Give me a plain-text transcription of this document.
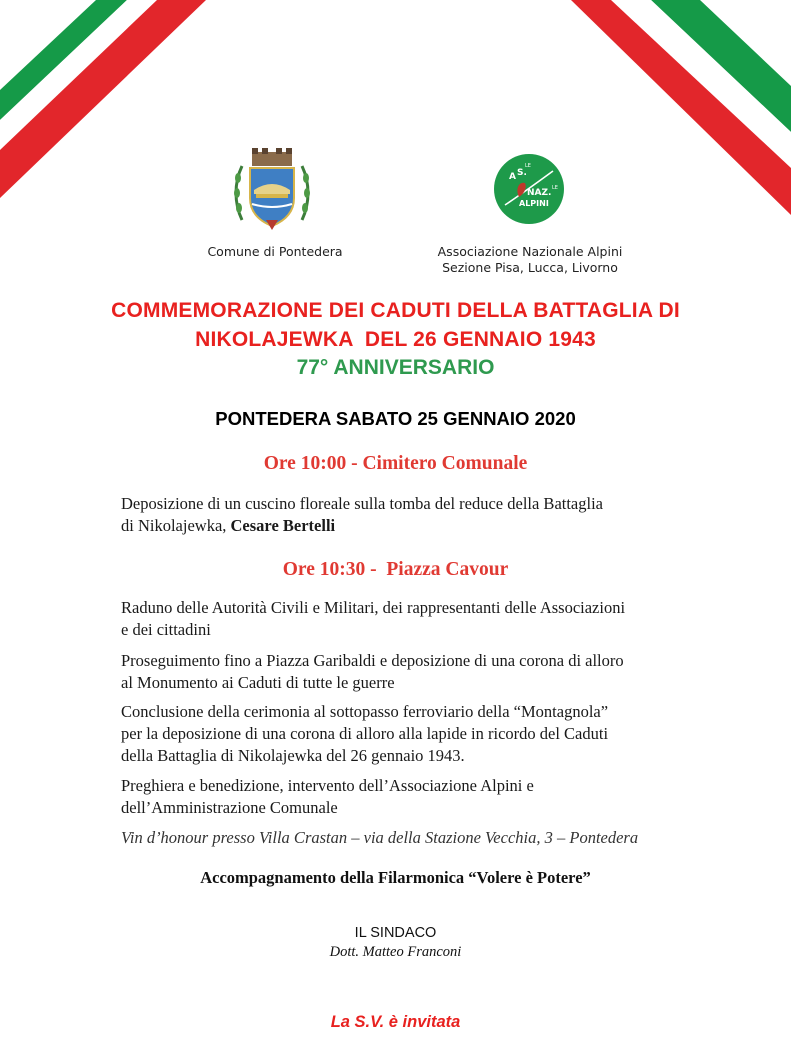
A S.
LE
NAZ. LE
ALPINI
Comune di Pontedera	Associazione Nazionale Alpini
Sezione Pisa, Lucca, Livorno
COMMEMORAZIONE DEI CADUTI DELLA BATTAGLIA DI
NIKOLAJEWKA  DEL 26 GENNAIO 1943
77° ANNIVERSARIO
PONTEDERA SABATO 25 GENNAIO 2020
Ore 10:00 - Cimitero Comunale
Deposizione di un cuscino floreale sulla tomba del reduce della Battaglia
di Nikolajewka, Cesare Bertelli
Ore 10:30 -  Piazza Cavour
Raduno delle Autorità Civili e Militari, dei rappresentanti delle Associazioni
e dei cittadini
Proseguimento fino a Piazza Garibaldi e deposizione di una corona di alloro
al Monumento ai Caduti di tutte le guerre
Conclusione della cerimonia al sottopasso ferroviario della “Montagnola”
per la deposizione di una corona di alloro alla lapide in ricordo del Caduti
della Battaglia di Nikolajewka del 26 gennaio 1943.
Preghiera e benedizione, intervento dell’Associazione Alpini e
dell’Amministrazione Comunale
Vin d’honour presso Villa Crastan – via della Stazione Vecchia, 3 – Pontedera
Accompagnamento della Filarmonica “Volere è Potere”
IL SINDACO
Dott. Matteo Franconi
La S.V. è invitata
